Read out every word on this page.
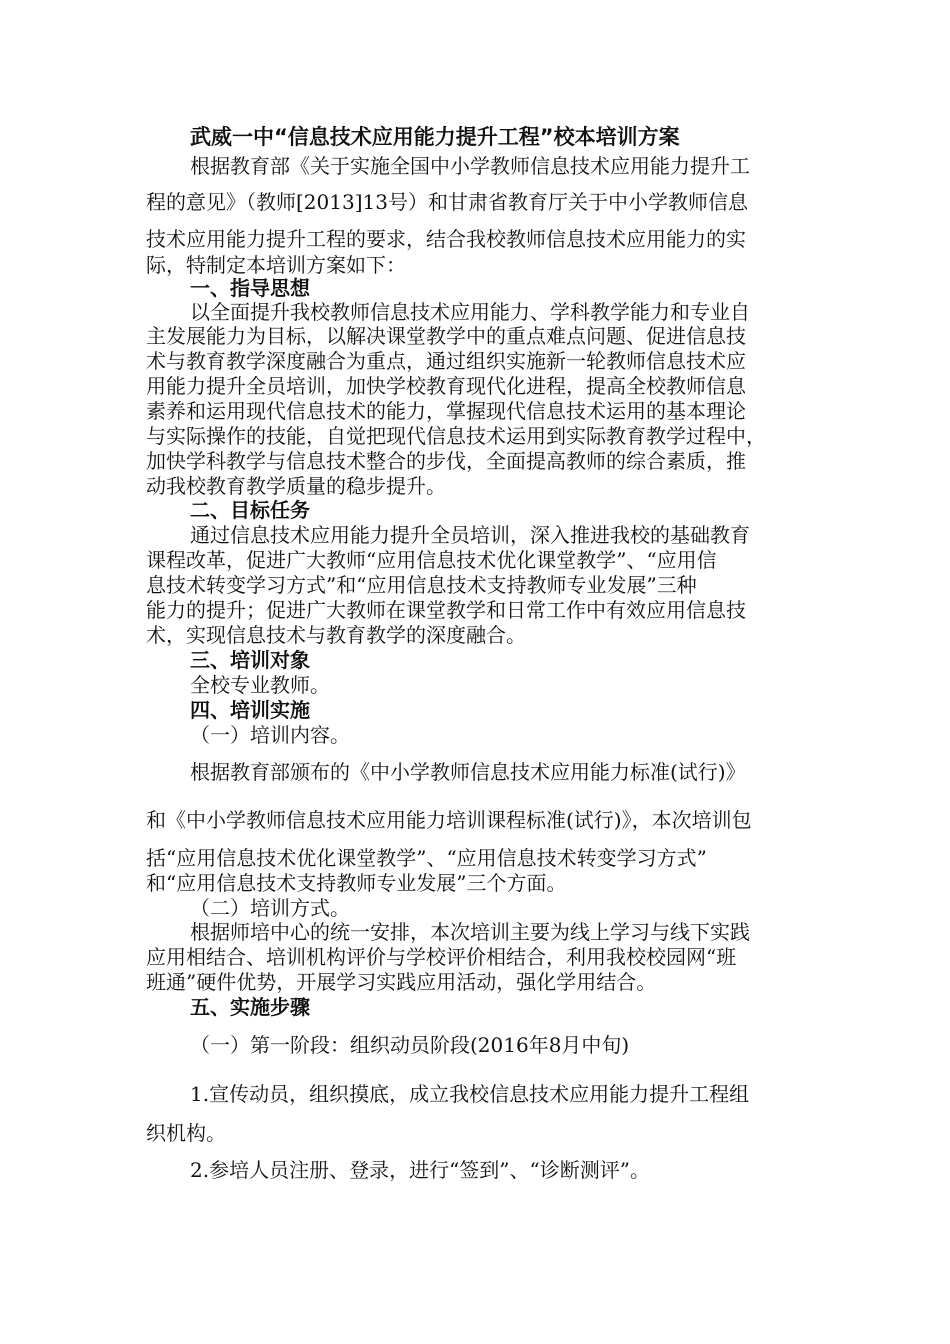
武威一中“信息技术应用能力提升工程”校本培训方案
根据教育部《关于实施全国中小学教师信息技术应用能力提升工
程的意见》（教师[2013]13号）和甘肃省教育厅关于中小学教师信息
技术应用能力提升工程的要求，结合我校教师信息技术应用能力的实
际，特制定本培训方案如下：
一、指导思想
以全面提升我校教师信息技术应用能力、学科教学能力和专业自
主发展能力为目标，以解决课堂教学中的重点难点问题、促进信息技
术与教育教学深度融合为重点，通过组织实施新一轮教师信息技术应
用能力提升全员培训，加快学校教育现代化进程，提高全校教师信息
素养和运用现代信息技术的能力，掌握现代信息技术运用的基本理论
与实际操作的技能，自觉把现代信息技术运用到实际教育教学过程中，
加快学科教学与信息技术整合的步伐，全面提高教师的综合素质，推
动我校教育教学质量的稳步提升。
二、目标任务
通过信息技术应用能力提升全员培训，深入推进我校的基础教育
课程改革，促进广大教师“应用信息技术优化课堂教学”、“应用信
息技术转变学习方式”和“应用信息技术支持教师专业发展”三种
能力的提升；促进广大教师在课堂教学和日常工作中有效应用信息技
术，实现信息技术与教育教学的深度融合。
三、培训对象
全校专业教师。
四、培训实施
（一）培训内容。
根据教育部颁布的《中小学教师信息技术应用能力标准(试行)》
和《中小学教师信息技术应用能力培训课程标准(试行)》，本次培训包
括“应用信息技术优化课堂教学”、“应用信息技术转变学习方式”
和“应用信息技术支持教师专业发展”三个方面。
（二）培训方式。
根据师培中心的统一安排，本次培训主要为线上学习与线下实践
应用相结合、培训机构评价与学校评价相结合，利用我校校园网“班
班通”硬件优势，开展学习实践应用活动，强化学用结合。
五、实施步骤
（一）第一阶段：组织动员阶段(2016年8月中旬)
1.宣传动员，组织摸底，成立我校信息技术应用能力提升工程组
织机构。
2.参培人员注册、登录，进行“签到”、“诊断测评”。
